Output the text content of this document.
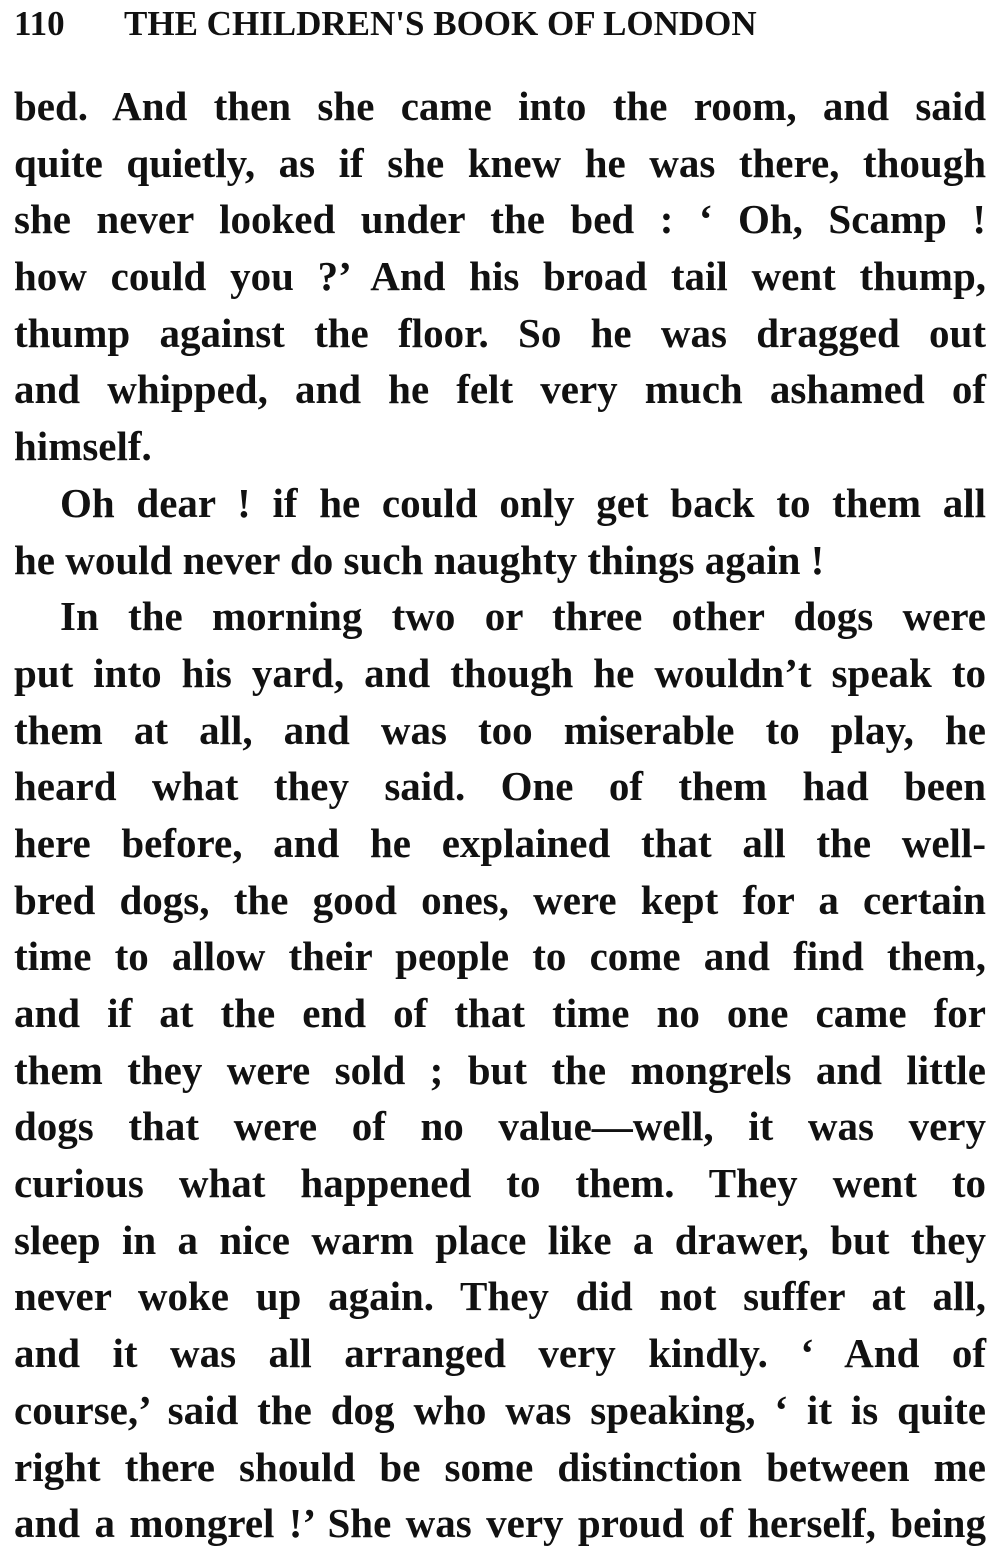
110 THE CHILDREN'S BOOK OF LONDON
bed. And then she came into the room, and said
quite quietly, as if she knew he was there, though
she never looked under the bed : ‘ Oh, Scamp !
how could you ?’ And his broad tail went thump,
thump against the floor. So he was dragged out
and whipped, and he felt very much ashamed of
himself.
Oh dear ! if he could only get back to them all
he would never do such naughty things again !
In the morning two or three other dogs were
put into his yard, and though he wouldn’t speak to
them at all, and was too miserable to play, he
heard what they said. One of them had been
here before, and he explained that all the well-
bred dogs, the good ones, were kept for a certain
time to allow their people to come and find them,
and if at the end of that time no one came for
them they were sold ; but the mongrels and little
dogs that were of no value—well, it was very
curious what happened to them. They went to
sleep in a nice warm place like a drawer, but they
never woke up again. They did not suffer at all,
and it was all arranged very kindly. ‘ And of
course,’ said the dog who was speaking, ‘ it is quite
right there should be some distinction between me
and a mongrel !’ She was very proud of herself, being
